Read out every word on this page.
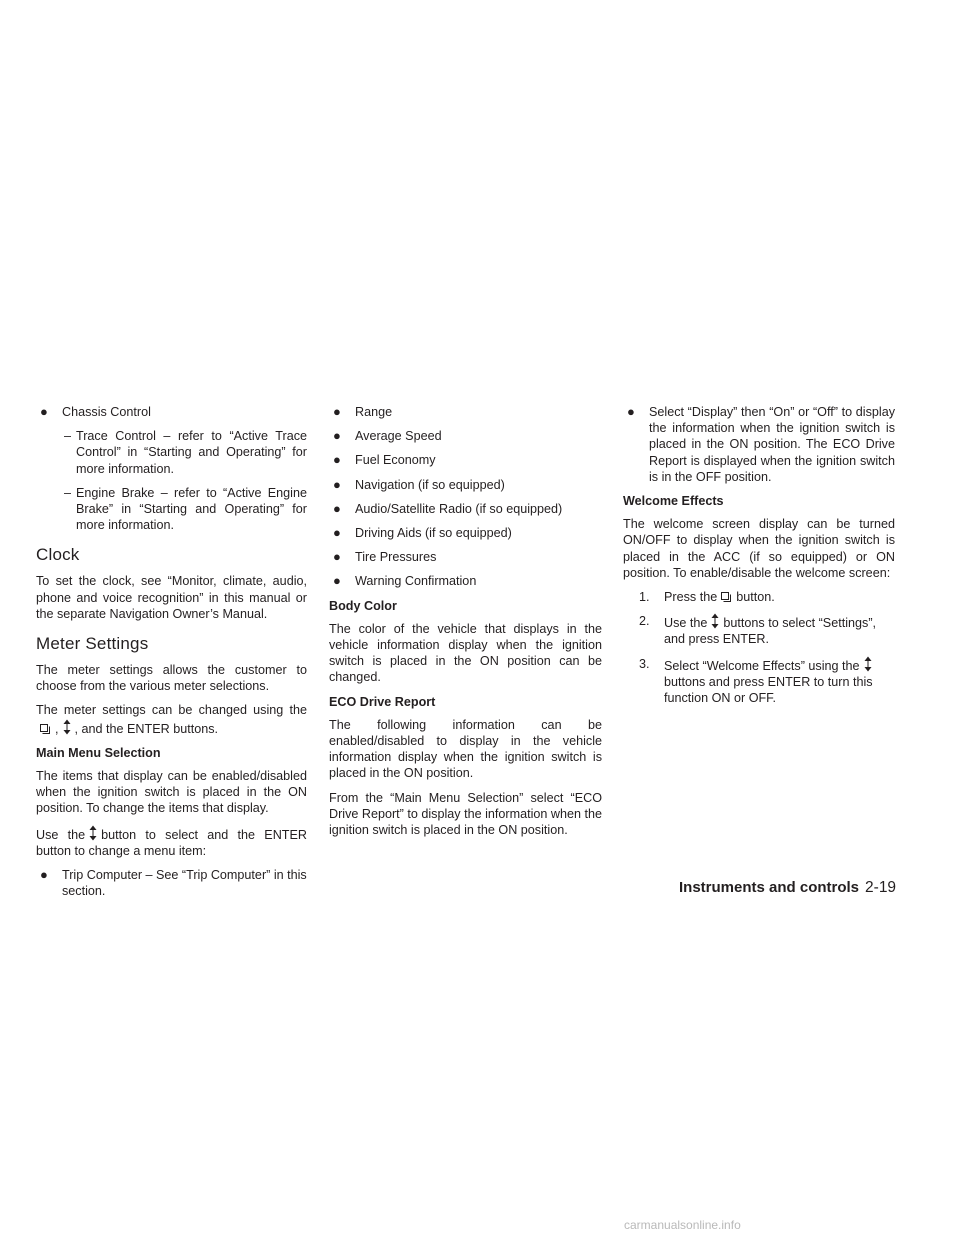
● Chassis Control
– Trace Control – refer to “Active Trace Control” in “Starting and Operating” for more information.
– Engine Brake – refer to “Active Engine Brake” in “Starting and Operating” for more information.
Clock

To set the clock, see “Monitor, climate, audio, phone and voice recognition” in this manual or the separate Navigation Owner’s Manual.

Meter Settings

The meter settings allows the customer to choose from the various meter selections.

The meter settings can be changed using the
, , and the ENTER buttons.

Main Menu Selection

The items that display can be enabled/disabled when the ignition switch is placed in the ON position. To change the items that display.

Use the button to select and the ENTER button to change a menu item:

● Trip Computer – See “Trip Computer” in this section.
● Range
● Average Speed
● Fuel Economy
● Navigation (if so equipped)
● Audio/Satellite Radio (if so equipped)
● Driving Aids (if so equipped)
● Tire Pressures
● Warning Confirmation
Body Color

The color of the vehicle that displays in the vehicle information display when the ignition switch is placed in the ON position can be changed.

ECO Drive Report

The following information can be enabled/disabled to display in the vehicle information display when the ignition switch is placed in the ON position.

From the “Main Menu Selection” select “ECO Drive Report” to display the information when the ignition switch is placed in the ON position.

● Select “Display” then “On” or “Off” to display the information when the ignition switch is placed in the ON position. The ECO Drive Report is displayed when the ignition switch is in the OFF position.
Welcome Effects

The welcome screen display can be turned ON/OFF to display when the ignition switch is placed in the ACC (if so equipped) or ON position. To enable/disable the welcome screen:

1. Press the button.
2. Use the buttons to select “Settings”, and press ENTER.
3. Select “Welcome Effects” using the
buttons and press ENTER to turn this function ON or OFF.
Instruments and controls 2-19
carmanualsonline.info
